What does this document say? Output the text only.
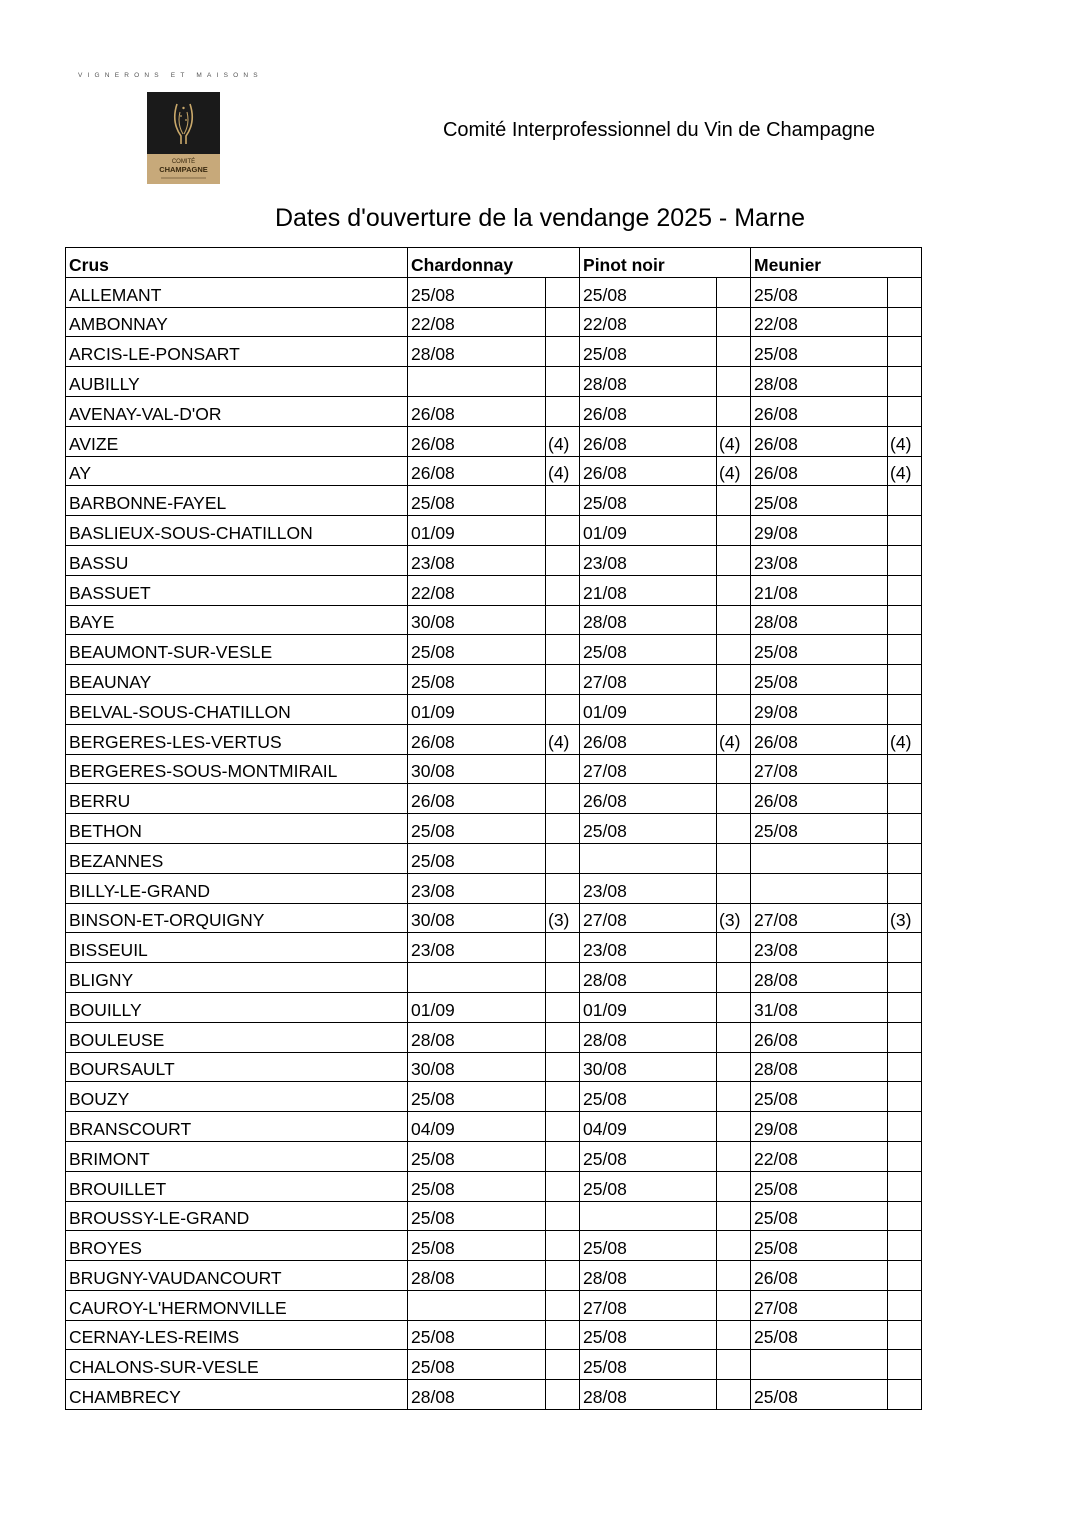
VIGNERONS ET MAISONS
COMITÉ
CHAMPAGNE
Comité Interprofessionnel du Vin de Champagne
Dates d'ouverture de la vendange 2025 - Marne
Crus	Chardonnay		Pinot noir		Meunier	
ALLEMANT	25/08		25/08		25/08	
AMBONNAY	22/08		22/08		22/08	
ARCIS-LE-PONSART	28/08		25/08		25/08	
AUBILLY			28/08		28/08	
AVENAY-VAL-D'OR	26/08		26/08		26/08	
AVIZE	26/08	(4)	26/08	(4)	26/08	(4)
AY	26/08	(4)	26/08	(4)	26/08	(4)
BARBONNE-FAYEL	25/08		25/08		25/08	
BASLIEUX-SOUS-CHATILLON	01/09		01/09		29/08	
BASSU	23/08		23/08		23/08	
BASSUET	22/08		21/08		21/08	
BAYE	30/08		28/08		28/08	
BEAUMONT-SUR-VESLE	25/08		25/08		25/08	
BEAUNAY	25/08		27/08		25/08	
BELVAL-SOUS-CHATILLON	01/09		01/09		29/08	
BERGERES-LES-VERTUS	26/08	(4)	26/08	(4)	26/08	(4)
BERGERES-SOUS-MONTMIRAIL	30/08		27/08		27/08	
BERRU	26/08		26/08		26/08	
BETHON	25/08		25/08		25/08	
BEZANNES	25/08					
BILLY-LE-GRAND	23/08		23/08			
BINSON-ET-ORQUIGNY	30/08	(3)	27/08	(3)	27/08	(3)
BISSEUIL	23/08		23/08		23/08	
BLIGNY			28/08		28/08	
BOUILLY	01/09		01/09		31/08	
BOULEUSE	28/08		28/08		26/08	
BOURSAULT	30/08		30/08		28/08	
BOUZY	25/08		25/08		25/08	
BRANSCOURT	04/09		04/09		29/08	
BRIMONT	25/08		25/08		22/08	
BROUILLET	25/08		25/08		25/08	
BROUSSY-LE-GRAND	25/08				25/08	
BROYES	25/08		25/08		25/08	
BRUGNY-VAUDANCOURT	28/08		28/08		26/08	
CAUROY-L'HERMONVILLE			27/08		27/08	
CERNAY-LES-REIMS	25/08		25/08		25/08	
CHALONS-SUR-VESLE	25/08		25/08			
CHAMBRECY	28/08		28/08		25/08	
